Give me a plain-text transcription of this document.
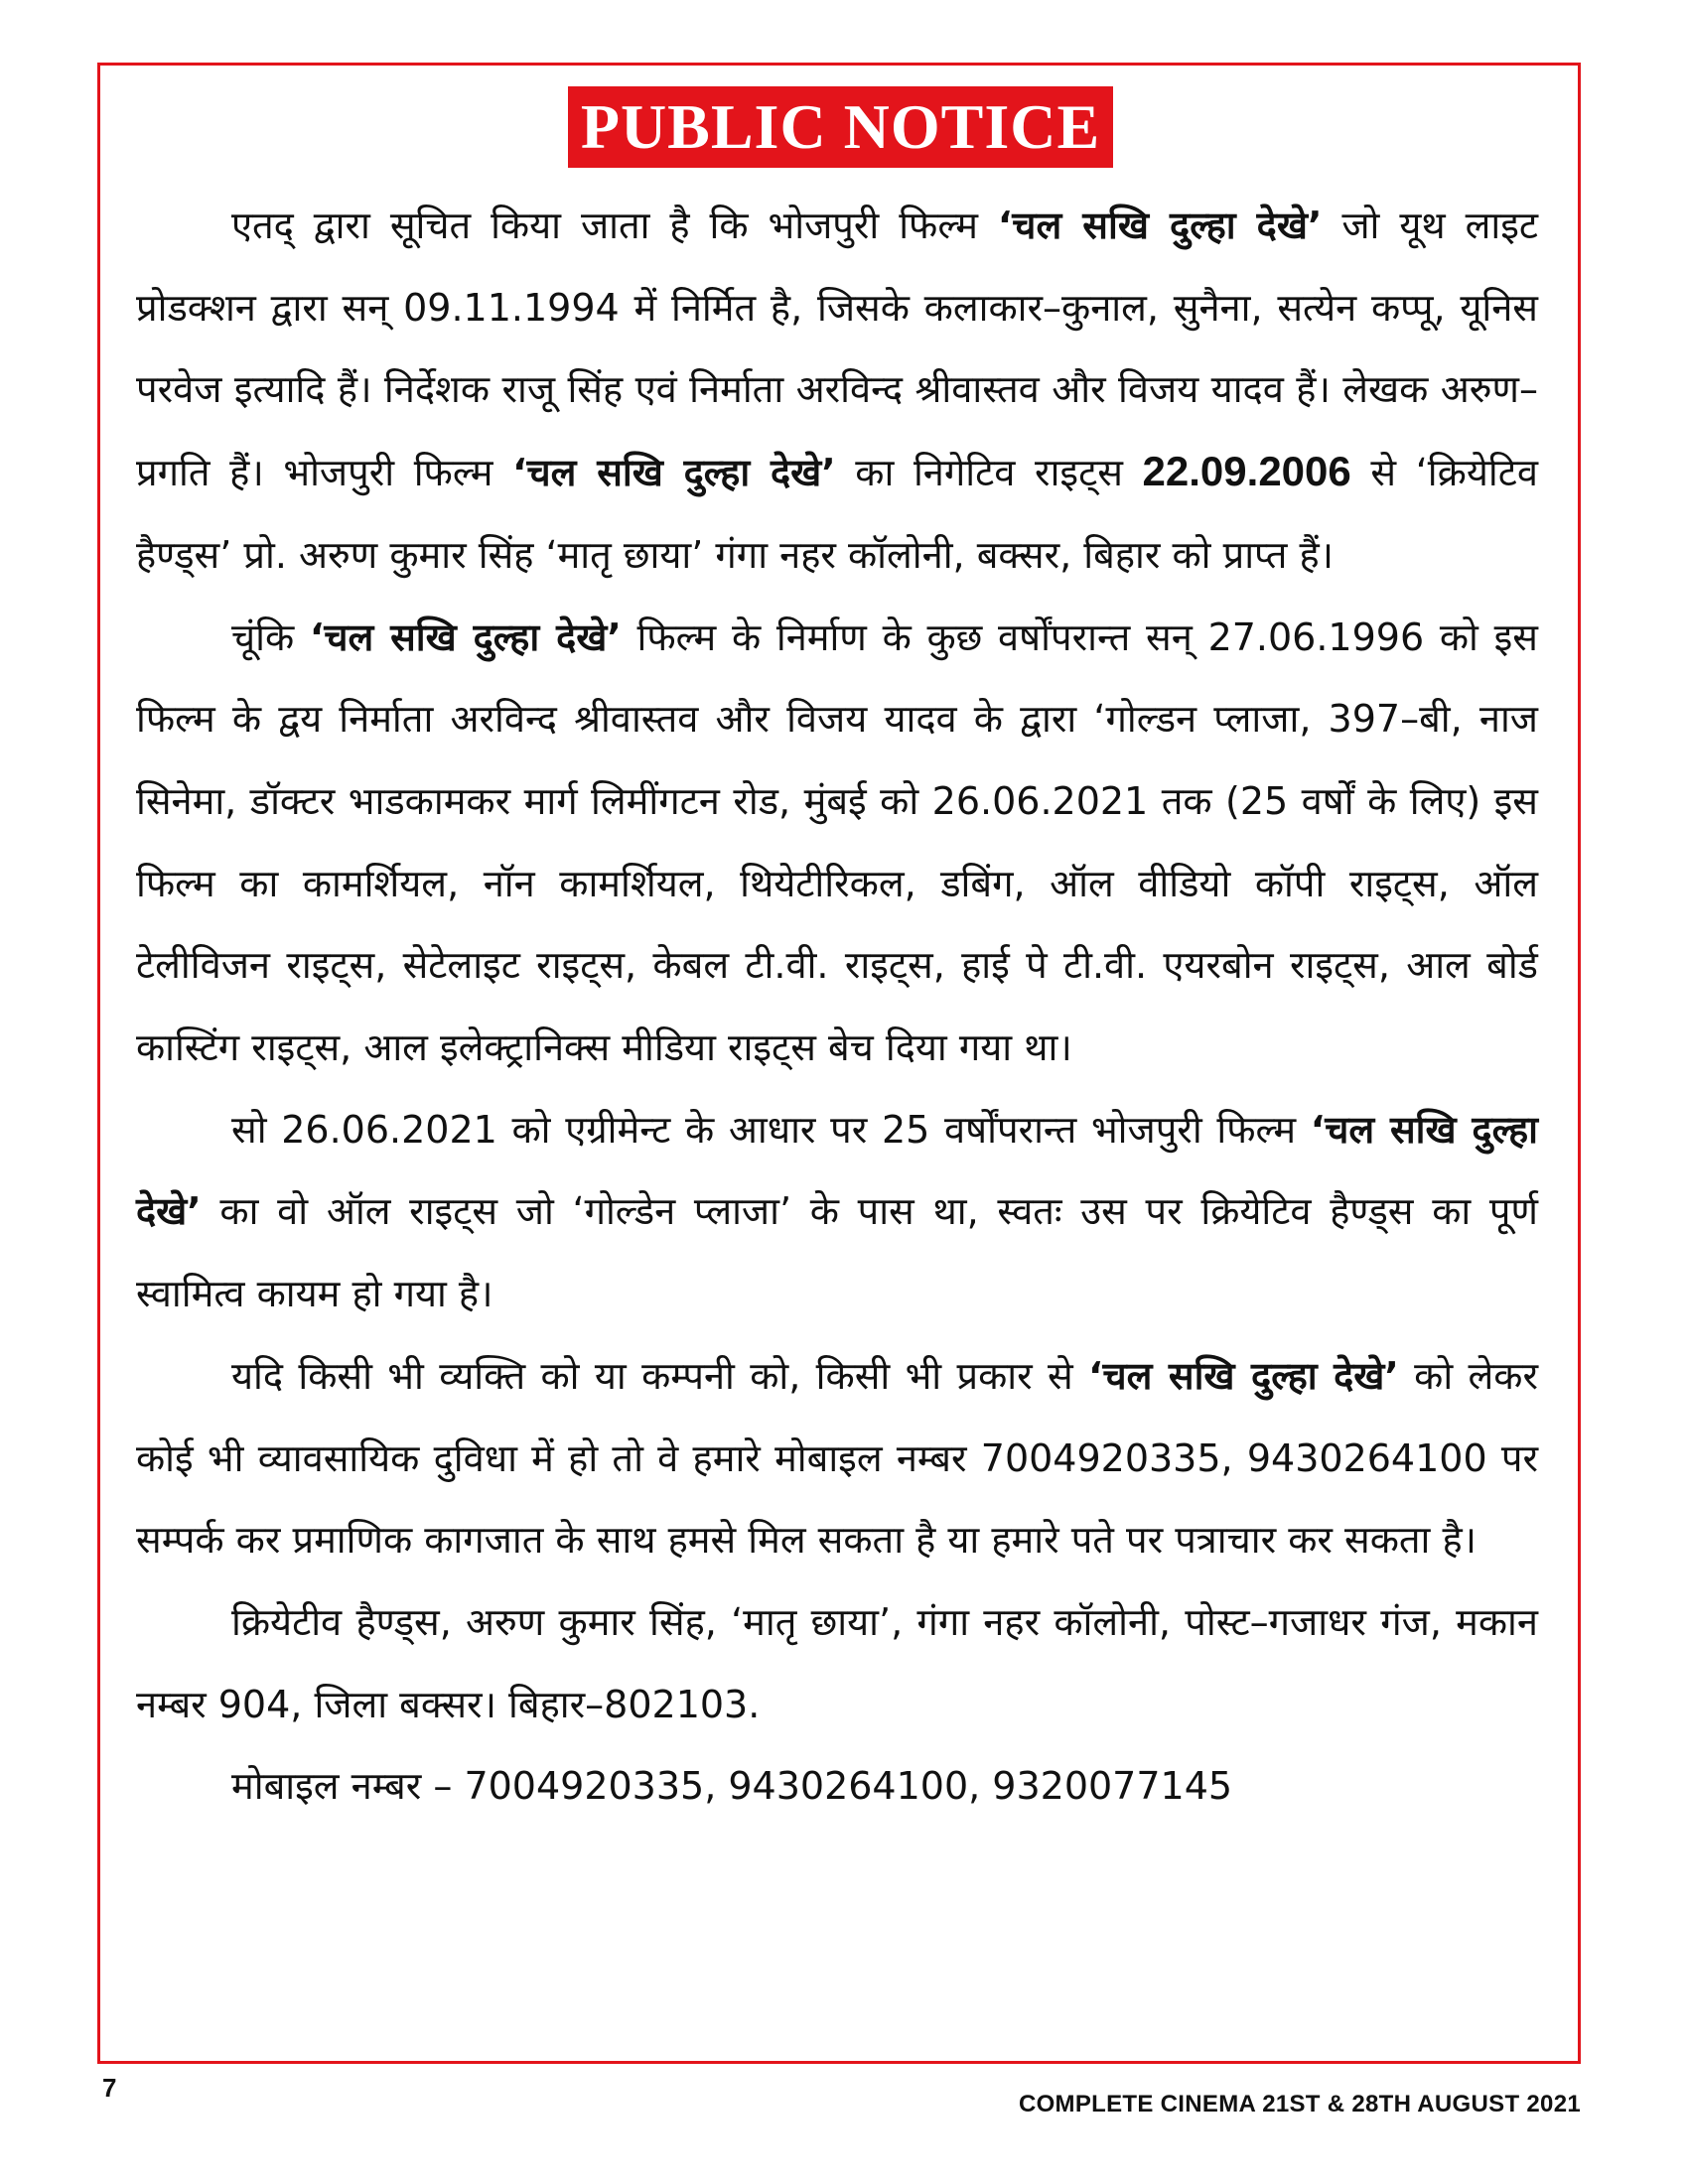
PUBLIC NOTICE

एतद् द्वारा सूचित किया जाता है कि भोजपुरी फिल्म ‘चल सखि दुल्हा देखे’ जो यूथ लाइट प्रोडक्शन द्वारा सन् 09.11.1994 में निर्मित है, जिसके कलाकार–कुनाल, सुनैना, सत्येन कप्पू, यूनिस परवेज इत्यादि हैं। निर्देशक राजू सिंह एवं निर्माता अरविन्द श्रीवास्तव और विजय यादव हैं। लेखक अरुण–प्रगति हैं। भोजपुरी फिल्म ‘चल सखि दुल्हा देखे’ का निगेटिव राइट्स 22.09.2006 से ‘क्रियेटिव हैण्ड्स’ प्रो. अरुण कुमार सिंह ‘मातृ छाया’ गंगा नहर कॉलोनी, बक्सर, बिहार को प्राप्त हैं।

चूंकि ‘चल सखि दुल्हा देखे’ फिल्म के निर्माण के कुछ वर्षोंपरान्त सन् 27.06.1996 को इस फिल्म के द्वय निर्माता अरविन्द श्रीवास्तव और विजय यादव के द्वारा ‘गोल्डन प्लाजा, 397–बी, नाज सिनेमा, डॉक्टर भाडकामकर मार्ग लिमींगटन रोड, मुंबई को 26.06.2021 तक (25 वर्षों के लिए) इस फिल्म का कामर्शियल, नॉन कामर्शियल, थियेटीरिकल, डबिंग, ऑल वीडियो कॉपी राइट्स, ऑल टेलीविजन राइट्स, सेटेलाइट राइट्स, केबल टी.वी. राइट्स, हाई पे टी.वी. एयरबोन राइट्स, आल बोर्ड कास्टिंग राइट्स, आल इलेक्ट्रानिक्स मीडिया राइट्स बेच दिया गया था।

सो 26.06.2021 को एग्रीमेन्ट के आधार पर 25 वर्षोंपरान्त भोजपुरी फिल्म ‘चल सखि दुल्हा देखे’ का वो ऑल राइट्स जो ‘गोल्डेन प्लाजा’ के पास था, स्वतः उस पर क्रियेटिव हैण्ड्स का पूर्ण स्वामित्व कायम हो गया है।

यदि किसी भी व्यक्ति को या कम्पनी को, किसी भी प्रकार से ‘चल सखि दुल्हा देखे’ को लेकर कोई भी व्यावसायिक दुविधा में हो तो वे हमारे मोबाइल नम्बर 7004920335, 9430264100 पर सम्पर्क कर प्रमाणिक कागजात के साथ हमसे मिल सकता है या हमारे पते पर पत्राचार कर सकता है।

क्रियेटीव हैण्ड्स, अरुण कुमार सिंह, ‘मातृ छाया’, गंगा नहर कॉलोनी, पोस्ट–गजाधर गंज, मकान नम्बर 904, जिला बक्सर। बिहार–802103.

मोबाइल नम्बर – 7004920335, 9430264100, 9320077145

7
COMPLETE CINEMA 21ST & 28TH AUGUST 2021
